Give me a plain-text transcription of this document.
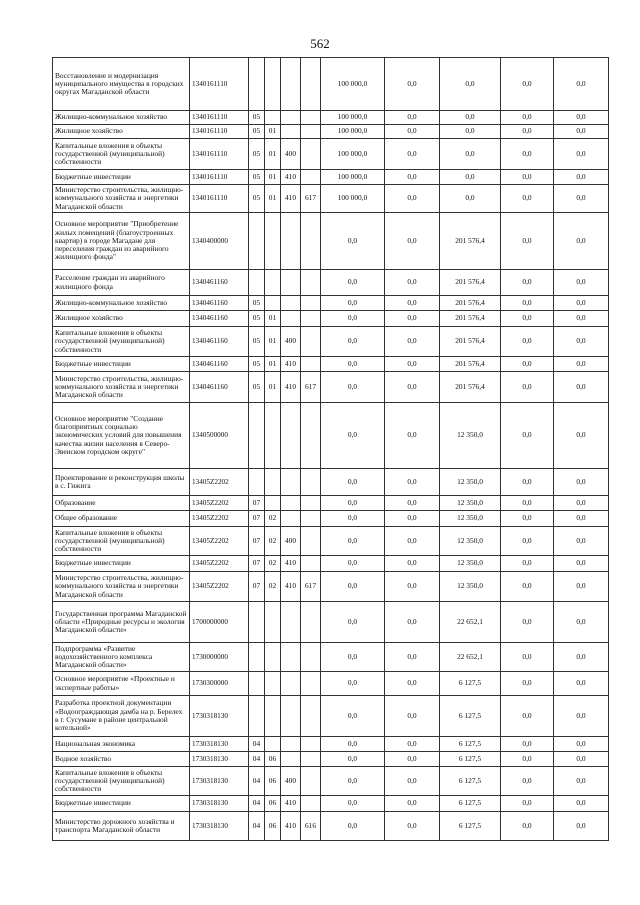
562
Восстановление и модернизация муниципального имущества в городских округах Магаданской области	1340161110					100 000,0	0,0	0,0	0,0	0,0
Жилищно-коммунальное хозяйство	1340161110	05				100 000,0	0,0	0,0	0,0	0,0
Жилищное хозяйство	1340161110	05	01			100 000,0	0,0	0,0	0,0	0,0
Капитальные вложения в объекты государственной (муниципальной) собственности	1340161110	05	01	400		100 000,0	0,0	0,0	0,0	0,0
Бюджетные инвестиции	1340161110	05	01	410		100 000,0	0,0	0,0	0,0	0,0
Министерство строительства, жилищно-коммунального хозяйства и энергетики Магаданской области	1340161110	05	01	410	617	100 000,0	0,0	0,0	0,0	0,0
Основное мероприятие "Приобретение жилых помещений (благоустроенных квартир) в городе Магадане для переселения граждан из аварийного жилищного фонда"	1340400000					0,0	0,0	201 576,4	0,0	0,0
Расселение граждан из аварийного жилищного фонда	1340461160					0,0	0,0	201 576,4	0,0	0,0
Жилищно-коммунальное хозяйство	1340461160	05				0,0	0,0	201 576,4	0,0	0,0
Жилищное хозяйство	1340461160	05	01			0,0	0,0	201 576,4	0,0	0,0
Капитальные вложения в объекты государственной (муниципальной) собственности	1340461160	05	01	400		0,0	0,0	201 576,4	0,0	0,0
Бюджетные инвестиции	1340461160	05	01	410		0,0	0,0	201 576,4	0,0	0,0
Министерство строительства, жилищно-коммунального хозяйства и энергетики Магаданской области	1340461160	05	01	410	617	0,0	0,0	201 576,4	0,0	0,0
Основное мероприятие "Создание благоприятных социально экономических условий для повышения качества жизни населения в Северо-Эвенском городском округе"	1340500000					0,0	0,0	12 350,0	0,0	0,0
Проектирование и реконструкция школы в с. Гижига	13405Z2202					0,0	0,0	12 350,0	0,0	0,0
Образование	13405Z2202	07				0,0	0,0	12 350,0	0,0	0,0
Общее образование	13405Z2202	07	02			0,0	0,0	12 350,0	0,0	0,0
Капитальные вложения в объекты государственной (муниципальной) собственности	13405Z2202	07	02	400		0,0	0,0	12 350,0	0,0	0,0
Бюджетные инвестиции	13405Z2202	07	02	410		0,0	0,0	12 350,0	0,0	0,0
Министерство строительства, жилищно-коммунального хозяйства и энергетики Магаданской области	13405Z2202	07	02	410	617	0,0	0,0	12 350,0	0,0	0,0
Государственная программа Магаданской области «Природные ресурсы и экология Магаданской области»	1700000000					0,0	0,0	22 652,1	0,0	0,0
Подпрограмма «Развитие водохозяйственного комплекса Магаданской области»	1730000000					0,0	0,0	22 652,1	0,0	0,0
Основное мероприятие «Проектные и экспертные работы»	1730300000					0,0	0,0	6 127,5	0,0	0,0
Разработка проектной документации «Водоограждающая дамба на р. Берелех в г. Сусумане в районе центральной котельной»	1730318130					0,0	0,0	6 127,5	0,0	0,0
Национальная экономика	1730318130	04				0,0	0,0	6 127,5	0,0	0,0
Водное хозяйство	1730318130	04	06			0,0	0,0	6 127,5	0,0	0,0
Капитальные вложения в объекты государственной (муниципальной) собственности	1730318130	04	06	400		0,0	0,0	6 127,5	0,0	0,0
Бюджетные инвестиции	1730318130	04	06	410		0,0	0,0	6 127,5	0,0	0,0
Министерство дорожного хозяйства и транспорта Магаданской области	1730318130	04	06	410	616	0,0	0,0	6 127,5	0,0	0,0
